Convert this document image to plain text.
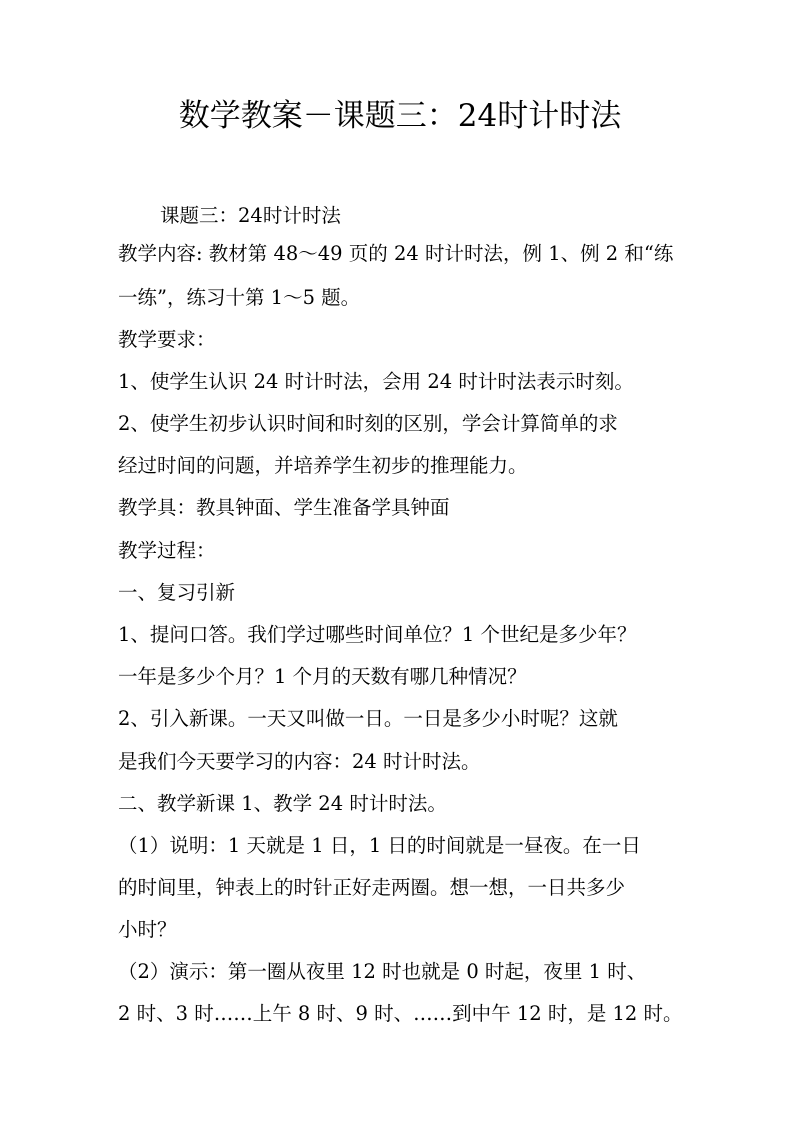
数学教案－课题三：24时计时法
课题三：24时计时法
教学内容: 教材第 48～49 页的 24 时计时法，例 1、例 2 和“练
一练”，练习十第 1～5 题。
教学要求：
1、使学生认识 24 时计时法，会用 24 时计时法表示时刻。
2、使学生初步认识时间和时刻的区别，学会计算简单的求
经过时间的问题，并培养学生初步的推理能力。
教学具：教具钟面、学生准备学具钟面
教学过程：
一、复习引新
1、提问口答。我们学过哪些时间单位？1 个世纪是多少年？
一年是多少个月？1 个月的天数有哪几种情况？
2、引入新课。一天又叫做一日。一日是多少小时呢？这就
是我们今天要学习的内容：24 时计时法。
二、教学新课 1、教学 24 时计时法。
（1）说明：1 天就是 1 日，1 日的时间就是一昼夜。在一日
的时间里，钟表上的时针正好走两圈。想一想，一日共多少
小时？
（2）演示：第一圈从夜里 12 时也就是 0 时起，夜里 1 时、
2 时、3 时……上午 8 时、9 时、……到中午 12 时，是 12 时。
